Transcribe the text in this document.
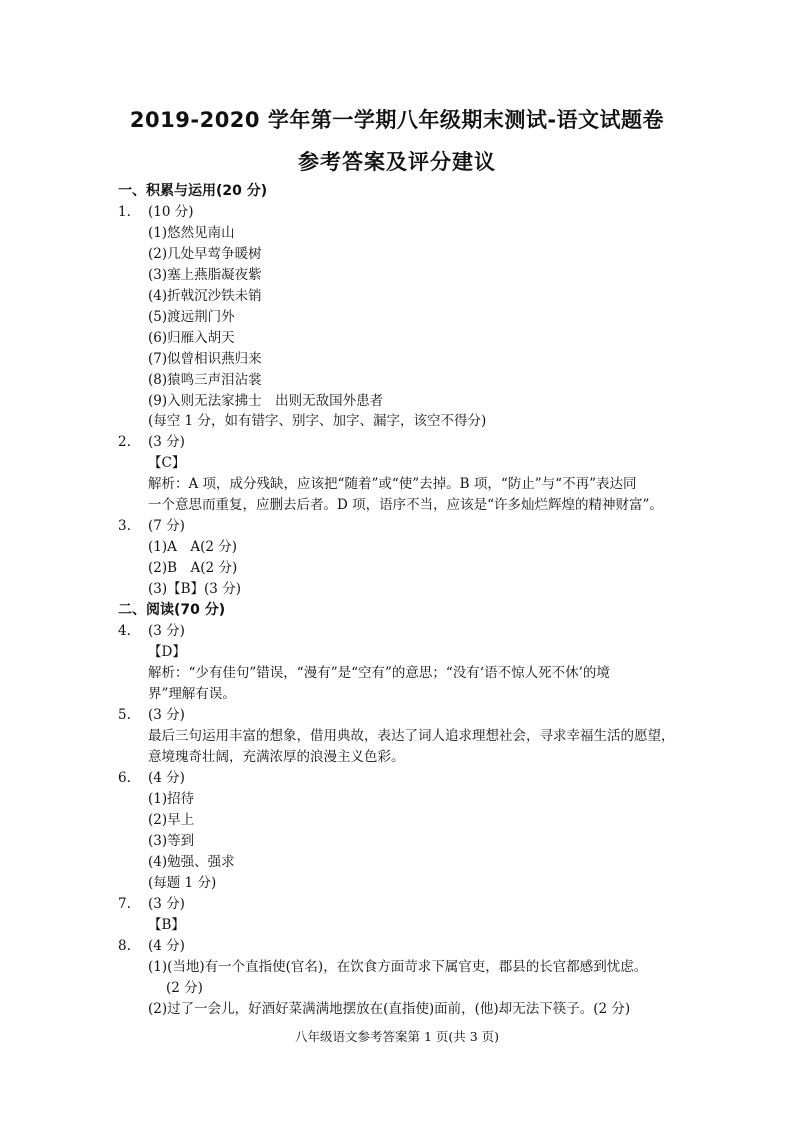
2019-2020 学年第一学期八年级期末测试-语文试题卷
参考答案及评分建议
一、积累与运用(20 分)
1. (10 分)
(1)悠然见南山
(2)几处早莺争暖树
(3)塞上燕脂凝夜紫
(4)折戟沉沙铁未销
(5)渡远荆门外
(6)归雁入胡天
(7)似曾相识燕归来
(8)猿鸣三声泪沾裳
(9)入则无法家拂士　出则无敌国外患者
(每空 1 分，如有错字、别字、加字、漏字，该空不得分)
2. (3 分)
【C】
解析：A 项，成分残缺，应该把“随着”或“使”去掉。B 项，“防止”与“不再”表达同
一个意思而重复，应删去后者。D 项，语序不当，应该是“许多灿烂辉煌的精神财富”。
3. (7 分)
(1)A　A(2 分)
(2)B　A(2 分)
(3)【B】(3 分)
二、阅读(70 分)
4. (3 分)
【D】
解析：“少有佳句”错误，“漫有”是“空有”的意思；“没有‘语不惊人死不休’的境
界”理解有误。
5. (3 分)
最后三句运用丰富的想象，借用典故，表达了词人追求理想社会，寻求幸福生活的愿望，
意境瑰奇壮阔，充满浓厚的浪漫主义色彩。
6. (4 分)
(1)招待
(2)早上
(3)等到
(4)勉强、强求
(每题 1 分)
7. (3 分)
【B】
8. (4 分)
(1)(当地)有一个直指使(官名)，在饮食方面苛求下属官吏，郡县的长官都感到忧虑。
(2 分)
(2)过了一会儿，好酒好菜满满地摆放在(直指使)面前，(他)却无法下筷子。(2 分)
八年级语文参考答案第 1 页(共 3 页)
